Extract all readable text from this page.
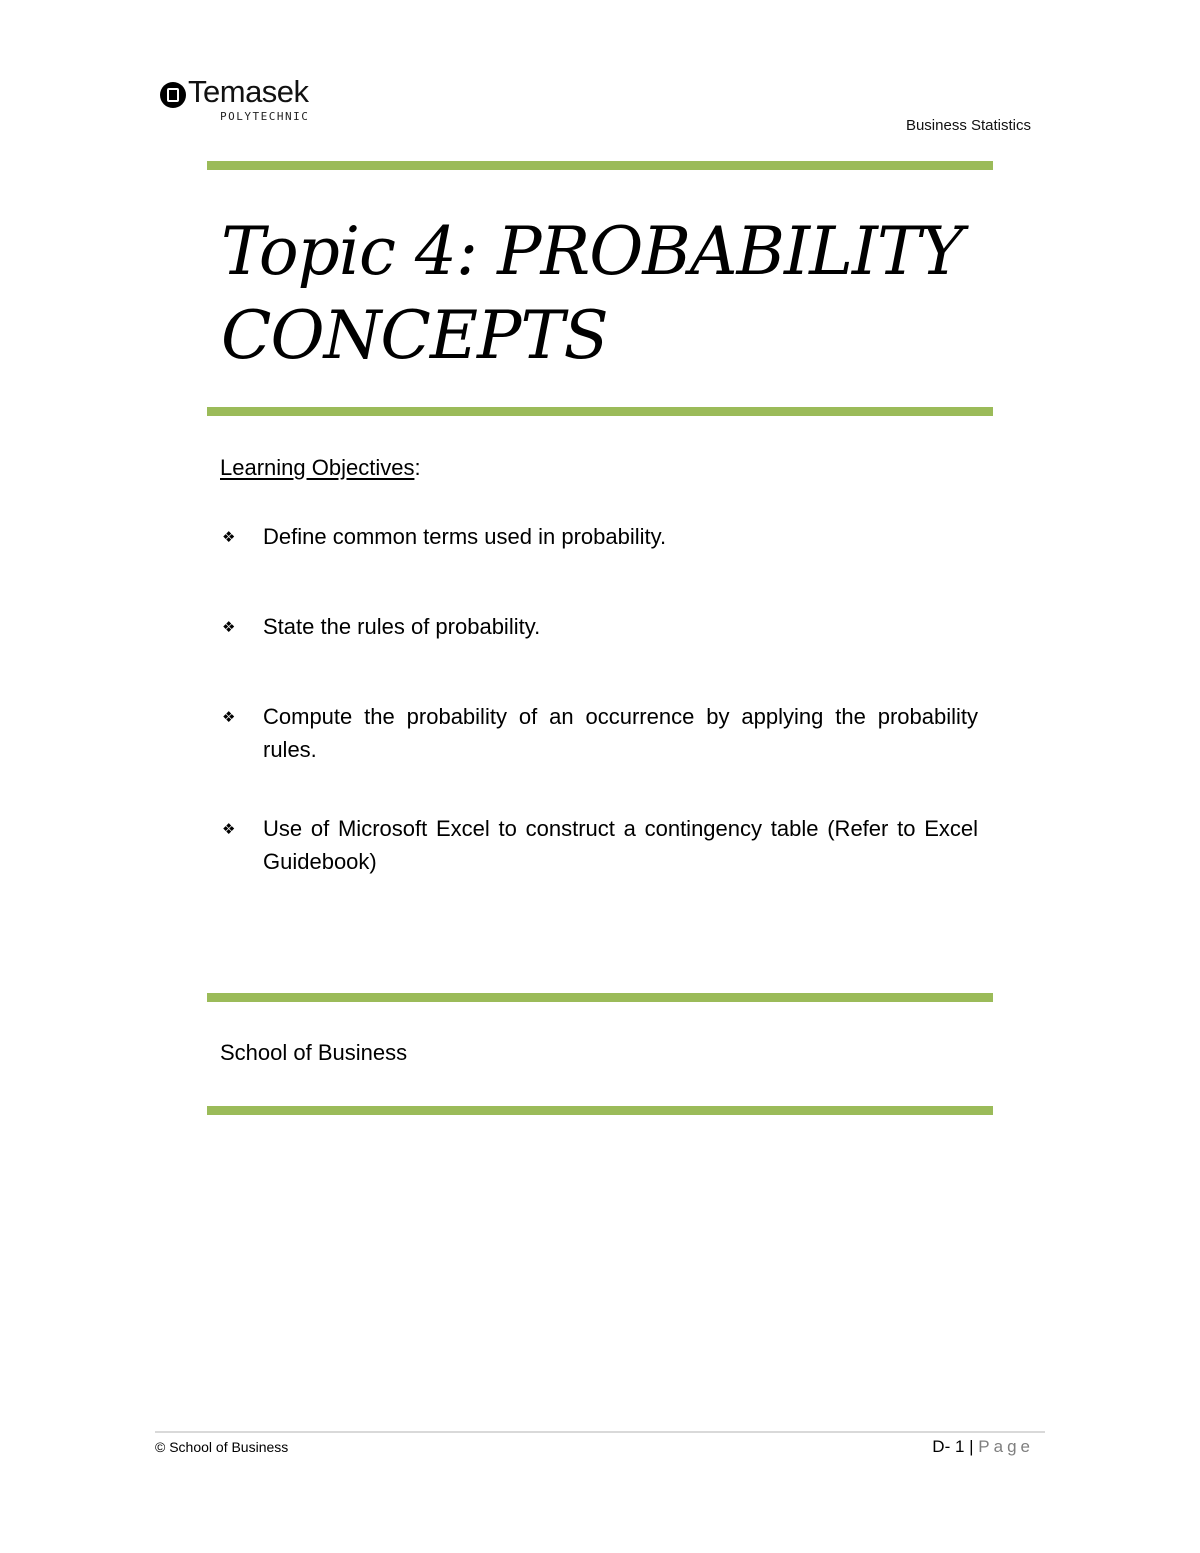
Temasek
POLYTECHNIC
Business Statistics
Topic 4: PROBABILITY
CONCEPTS
Learning Objectives:
❖ Define common terms used in probability.
❖ State the rules of probability.
❖ Compute the probability of an occurrence by applying the probability rules.
❖ Use of Microsoft Excel to construct a contingency table (Refer to Excel Guidebook)
School of Business
© School of Business	D- 1 | Page
